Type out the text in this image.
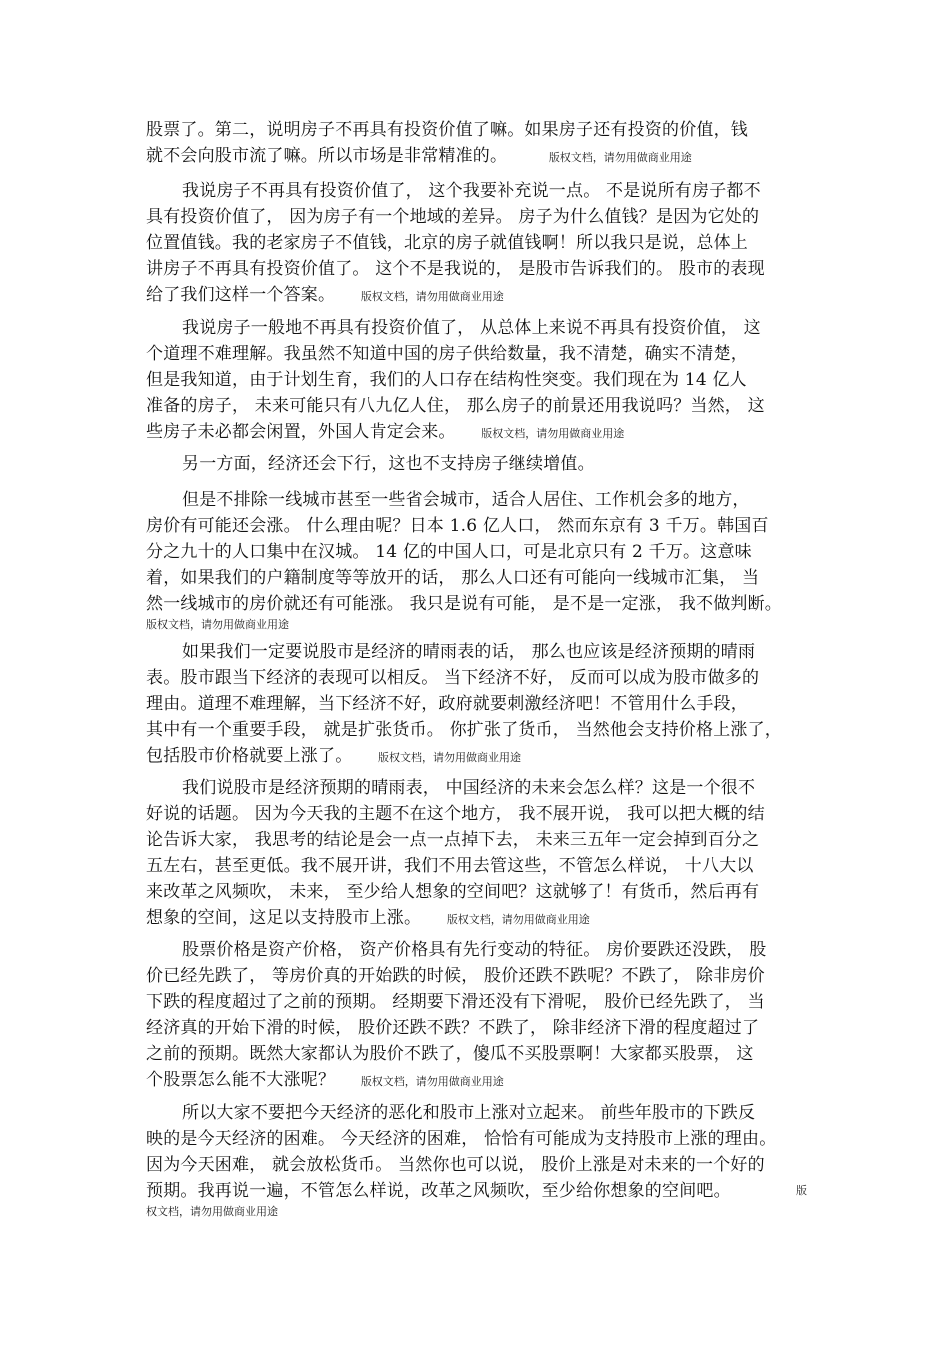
股票了。第二，说明房子不再具有投资价值了嘛。如果房子还有投资的价值，钱
就不会向股市流了嘛。所以市场是非常精准的。	版权文档，请勿用做商业用途
我说房子不再具有投资价值了， 这个我要补充说一点。 不是说所有房子都不
具有投资价值了， 因为房子有一个地域的差异。 房子为什么值钱？是因为它处的
位置值钱。我的老家房子不值钱，北京的房子就值钱啊！所以我只是说，总体上
讲房子不再具有投资价值了。 这个不是我说的， 是股市告诉我们的。 股市的表现
给了我们这样一个答案。 版权文档，请勿用做商业用途
我说房子一般地不再具有投资价值了， 从总体上来说不再具有投资价值， 这
个道理不难理解。我虽然不知道中国的房子供给数量，我不清楚，确实不清楚，
但是我知道，由于计划生育，我们的人口存在结构性突变。我们现在为 14 亿人
准备的房子， 未来可能只有八九亿人住， 那么房子的前景还用我说吗？当然， 这
些房子未必都会闲置，外国人肯定会来。 版权文档，请勿用做商业用途
另一方面，经济还会下行，这也不支持房子继续增值。
但是不排除一线城市甚至一些省会城市，适合人居住、工作机会多的地方，
房价有可能还会涨。 什么理由呢？日本 1.6 亿人口， 然而东京有 3 千万。韩国百
分之九十的人口集中在汉城。 14 亿的中国人口，可是北京只有 2 千万。这意味
着，如果我们的户籍制度等等放开的话， 那么人口还有可能向一线城市汇集， 当
然一线城市的房价就还有可能涨。 我只是说有可能， 是不是一定涨， 我不做判断。
版权文档，请勿用做商业用途
如果我们一定要说股市是经济的晴雨表的话， 那么也应该是经济预期的晴雨
表。股市跟当下经济的表现可以相反。 当下经济不好， 反而可以成为股市做多的
理由。道理不难理解，当下经济不好，政府就要刺激经济吧！不管用什么手段，
其中有一个重要手段， 就是扩张货币。 你扩张了货币， 当然他会支持价格上涨了，
包括股市价格就要上涨了。 版权文档，请勿用做商业用途
我们说股市是经济预期的晴雨表， 中国经济的未来会怎么样？这是一个很不
好说的话题。 因为今天我的主题不在这个地方， 我不展开说， 我可以把大概的结
论告诉大家， 我思考的结论是会一点一点掉下去， 未来三五年一定会掉到百分之
五左右，甚至更低。我不展开讲，我们不用去管这些，不管怎么样说， 十八大以
来改革之风频吹， 未来， 至少给人想象的空间吧？这就够了！有货币，然后再有
想象的空间，这足以支持股市上涨。 版权文档，请勿用做商业用途
股票价格是资产价格， 资产价格具有先行变动的特征。 房价要跌还没跌， 股
价已经先跌了， 等房价真的开始跌的时候， 股价还跌不跌呢？不跌了， 除非房价
下跌的程度超过了之前的预期。 经期要下滑还没有下滑呢， 股价已经先跌了， 当
经济真的开始下滑的时候， 股价还跌不跌？不跌了， 除非经济下滑的程度超过了
之前的预期。既然大家都认为股价不跌了，傻瓜不买股票啊！大家都买股票， 这
个股票怎么能不大涨呢？ 版权文档，请勿用做商业用途
所以大家不要把今天经济的恶化和股市上涨对立起来。 前些年股市的下跌反
映的是今天经济的困难。 今天经济的困难， 恰恰有可能成为支持股市上涨的理由。
因为今天困难， 就会放松货币。 当然你也可以说， 股价上涨是对未来的一个好的
预期。我再说一遍，不管怎么样说，改革之风频吹，至少给你想象的空间吧。	版
权文档，请勿用做商业用途
